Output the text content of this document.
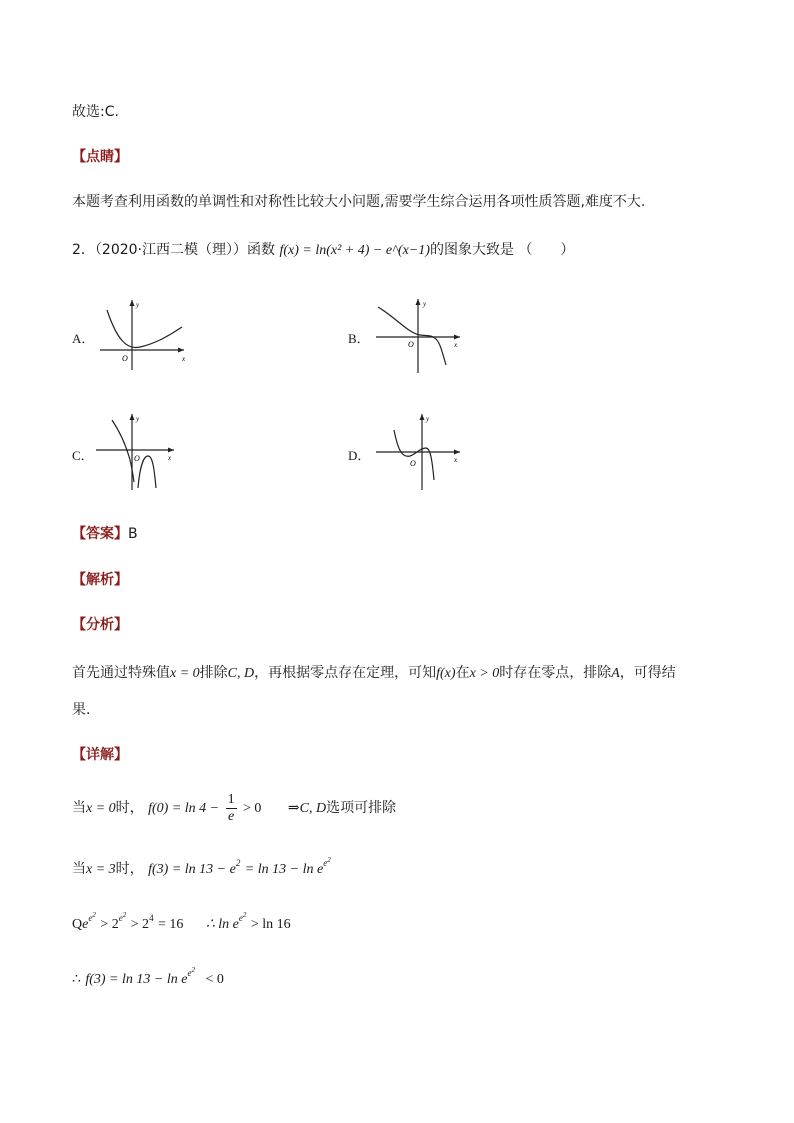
故选:C.
【点睛】
本题考查利用函数的单调性和对称性比较大小问题,需要学生综合运用各项性质答题,难度不大.
2．（2020·江西二模（理））函数 f(x) = ln(x² + 4) − e^(x−1)的图象大致是 （　　）
A．
y
x
O
B．
y
x
O
C．
y
x
O	D．
y
x
O
【答案】B
【解析】
【分析】
首先通过特殊值x = 0排除C, D，再根据零点存在定理，可知f(x)在x > 0时存在零点，排除A，可得结
果.
【详解】
当x = 0时， $f(0) = \ln 4 - \frac{1}{e} > 0$ ⇒C, D选项可排除
当x = 3时， $f(3) = \ln 13 - e^2 = \ln 13 - \ln e^{e^2}$
$Qe^{e^2} > 2^{e^2} > 2^4 = 16$ ∴ $\ln e^{e^2} > \ln 16$
∴ $f(3) = \ln 13 - \ln e^{e^2} < 0$
